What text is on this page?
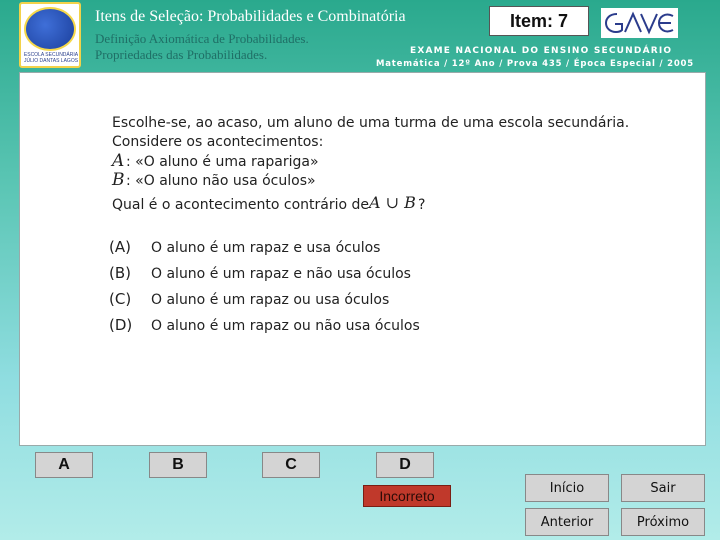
ESCOLA SECUNDÁRIA JÚLIO DANTAS LAGOS
Itens de Seleção: Probabilidades e Combinatória
Definição Axiomática de Probabilidades.
Propriedades das Probabilidades.
Item: 7
EXAME NACIONAL DO ENSINO SECUNDÁRIO
Matemática / 12º Ano / Prova 435 / Época Especial / 2005
Escolhe-se, ao acaso, um aluno de uma turma de uma escola secundária.
Considere os acontecimentos:
A : «O aluno é uma rapariga»
B : «O aluno não usa óculos»
Qual é o acontecimento contrário de A ∪ B ?
(A) O aluno é um rapaz e usa óculos
(B) O aluno é um rapaz e não usa óculos
(C) O aluno é um rapaz ou usa óculos
(D) O aluno é um rapaz ou não usa óculos
A	B	C	D
Incorreto	Início	Sair
Anterior	Próximo
